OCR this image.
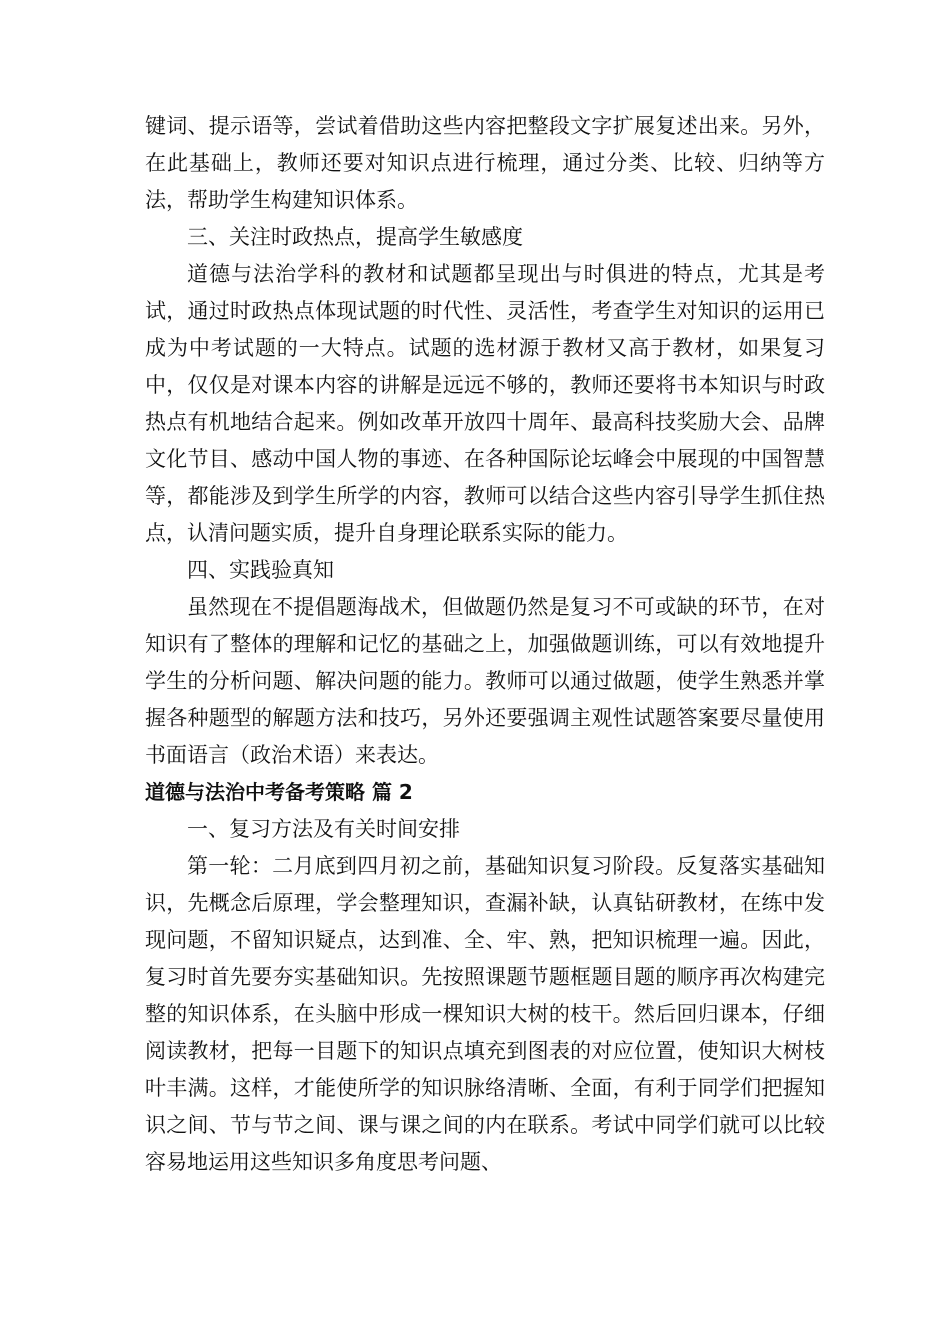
键词、提示语等，尝试着借助这些内容把整段文字扩展复述出来。另外，在此基础上，教师还要对知识点进行梳理，通过分类、比较、归纳等方法，帮助学生构建知识体系。

三、关注时政热点，提高学生敏感度

道德与法治学科的教材和试题都呈现出与时俱进的特点，尤其是考试，通过时政热点体现试题的时代性、灵活性，考查学生对知识的运用已成为中考试题的一大特点。试题的选材源于教材又高于教材，如果复习中，仅仅是对课本内容的讲解是远远不够的，教师还要将书本知识与时政热点有机地结合起来。例如改革开放四十周年、最高科技奖励大会、品牌文化节目、感动中国人物的事迹、在各种国际论坛峰会中展现的中国智慧等，都能涉及到学生所学的内容，教师可以结合这些内容引导学生抓住热点，认清问题实质，提升自身理论联系实际的能力。

四、实践验真知

虽然现在不提倡题海战术，但做题仍然是复习不可或缺的环节，在对知识有了整体的理解和记忆的基础之上，加强做题训练，可以有效地提升学生的分析问题、解决问题的能力。教师可以通过做题，使学生熟悉并掌握各种题型的解题方法和技巧，另外还要强调主观性试题答案要尽量使用书面语言（政治术语）来表达。

道德与法治中考备考策略 篇 2

一、复习方法及有关时间安排

第一轮：二月底到四月初之前，基础知识复习阶段。反复落实基础知识，先概念后原理，学会整理知识，查漏补缺，认真钻研教材，在练中发现问题，不留知识疑点，达到准、全、牢、熟，把知识梳理一遍。因此，复习时首先要夯实基础知识。先按照课题节题框题目题的顺序再次构建完整的知识体系，在头脑中形成一棵知识大树的枝干。然后回归课本，仔细阅读教材，把每一目题下的知识点填充到图表的对应位置，使知识大树枝叶丰满。这样，才能使所学的知识脉络清晰、全面，有利于同学们把握知识之间、节与节之间、课与课之间的内在联系。考试中同学们就可以比较容易地运用这些知识多角度思考问题、
